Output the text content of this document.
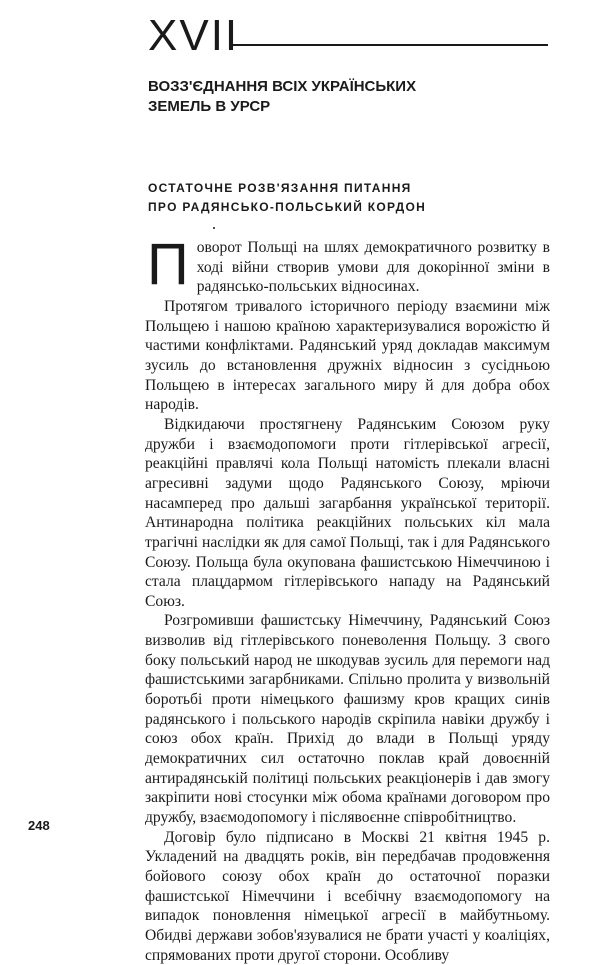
XVII
ВОЗЗ'ЄДНАННЯ ВСІХ УКРАЇНСЬКИХ
ЗЕМЕЛЬ В УРСР
ОСТАТОЧНЕ РОЗВ'ЯЗАННЯ ПИТАННЯ
ПРО РАДЯНСЬКО-ПОЛЬСЬКИЙ КОРДОН

Поворот Польщі на шлях демократичного розвитку в ході війни створив умови для докорінної зміни в радянсько-польських відносинах.

Протягом тривалого історичного періоду взаємини між Польщею і нашою країною характеризувалися ворожістю й частими конфліктами. Радянський уряд докладав максимум зусиль до встановлення дружніх відносин з сусідньою Польщею в інтересах загального миру й для добра обох народів.

Відкидаючи простягнену Радянським Союзом руку дружби і взаємодопомоги проти гітлерівської агресії, реакційні правлячі кола Польщі натомість плекали власні агресивні задуми щодо Радянського Союзу, мріючи насамперед про дальші загарбання української території. Антинародна політика реакційних польських кіл мала трагічні наслідки як для самої Польщі, так і для Радянського Союзу. Польща була окупована фашистською Німеччиною і стала плацдармом гітлерівського нападу на Радянський Союз.

Розгромивши фашистську Німеччину, Радянський Союз визволив від гітлерівського поневолення Польщу. З свого боку польський народ не шкодував зусиль для перемоги над фашистськими загарбниками. Спільно пролита у визвольній боротьбі проти німецького фашизму кров кращих синів радянського і польського народів скріпила навіки дружбу і союз обох країн. Прихід до влади в Польщі уряду демократичних сил остаточно поклав край довоєнній антирадянській політиці польських реакціонерів і дав змогу закріпити нові стосунки між обома країнами договором про дружбу, взаємодопомогу і післявоєнне співробітництво.

Договір було підписано в Москві 21 квітня 1945 р. Укладений на двадцять років, він передбачав продовження бойового союзу обох країн до остаточної поразки фашистської Німеччини і всебічну взаємодопомогу на випадок поновлення німецької агресії в майбутньому. Обидві держави зобов'язувалися не брати участі у коаліціях, спрямованих проти другої сторони. Особливу

248
